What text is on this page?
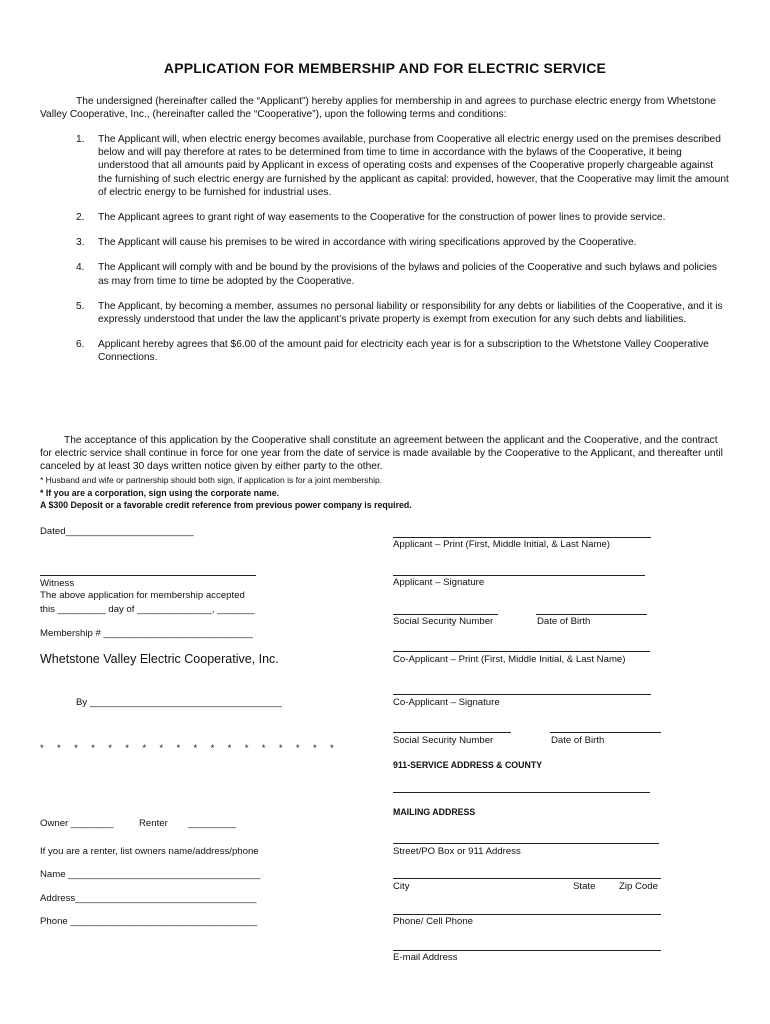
APPLICATION FOR MEMBERSHIP AND FOR ELECTRIC SERVICE
The undersigned (hereinafter called the “Applicant”) hereby applies for membership in and agrees to purchase electric energy from Whetstone Valley Cooperative, Inc., (hereinafter called the “Cooperative”), upon the following terms and conditions:
1. The Applicant will, when electric energy becomes available, purchase from Cooperative all electric energy used on the premises described below and will pay therefore at rates to be determined from time to time in accordance with the bylaws of the Cooperative, it being understood that all amounts paid by Applicant in excess of operating costs and expenses of the Cooperative properly chargeable against the furnishing of such electric energy are furnished by the applicant as capital: provided, however, that the Cooperative may limit the amount of electric energy to be furnished for industrial uses.
2. The Applicant agrees to grant right of way easements to the Cooperative for the construction of power lines to provide service.
3. The Applicant will cause his premises to be wired in accordance with wiring specifications approved by the Cooperative.
4. The Applicant will comply with and be bound by the provisions of the bylaws and policies of the Cooperative and such bylaws and policies as may from time to time be adopted by the Cooperative.
5. The Applicant, by becoming a member, assumes no personal liability or responsibility for any debts or liabilities of the Cooperative, and it is expressly understood that under the law the applicant’s private property is exempt from execution for any such debts and liabilities.
6. Applicant hereby agrees that $6.00 of the amount paid for electricity each year is for a subscription to the Whetstone Valley Cooperative Connections.
The acceptance of this application by the Cooperative shall constitute an agreement between the applicant and the Cooperative, and the contract for electric service shall continue in force for one year from the date of service is made available by the Cooperative to the Applicant, and thereafter until canceled by at least 30 days written notice given by either party to the other.
* Husband and wife or partnership should both sign, if application is for a joint membership.
* If you are a corporation, sign using the corporate name.
A $300 Deposit or a favorable credit reference from previous power company is required.
Dated________________________
Witness
The above application for membership accepted
this _________ day of ______________, _______
Membership # ____________________________
Whetstone Valley Electric Cooperative, Inc.
By ____________________________________
*     *     *     *     *     *     *     *     *     *     *     *     *     *     *     *     *     *
Owner ________	Renter _________
If you are a renter, list owners name/address/phone
Name ____________________________________
Address__________________________________
Phone ___________________________________
Applicant – Print (First, Middle Initial, & Last Name)
Applicant – Signature
Social Security Number	Date of Birth
Co-Applicant – Print (First, Middle Initial, & Last Name)
Co-Applicant – Signature
Social Security Number	Date of Birth
911-SERVICE ADDRESS & COUNTY
MAILING ADDRESS
Street/PO Box or 911 Address
City	State Zip Code
Phone/ Cell Phone
E-mail Address
